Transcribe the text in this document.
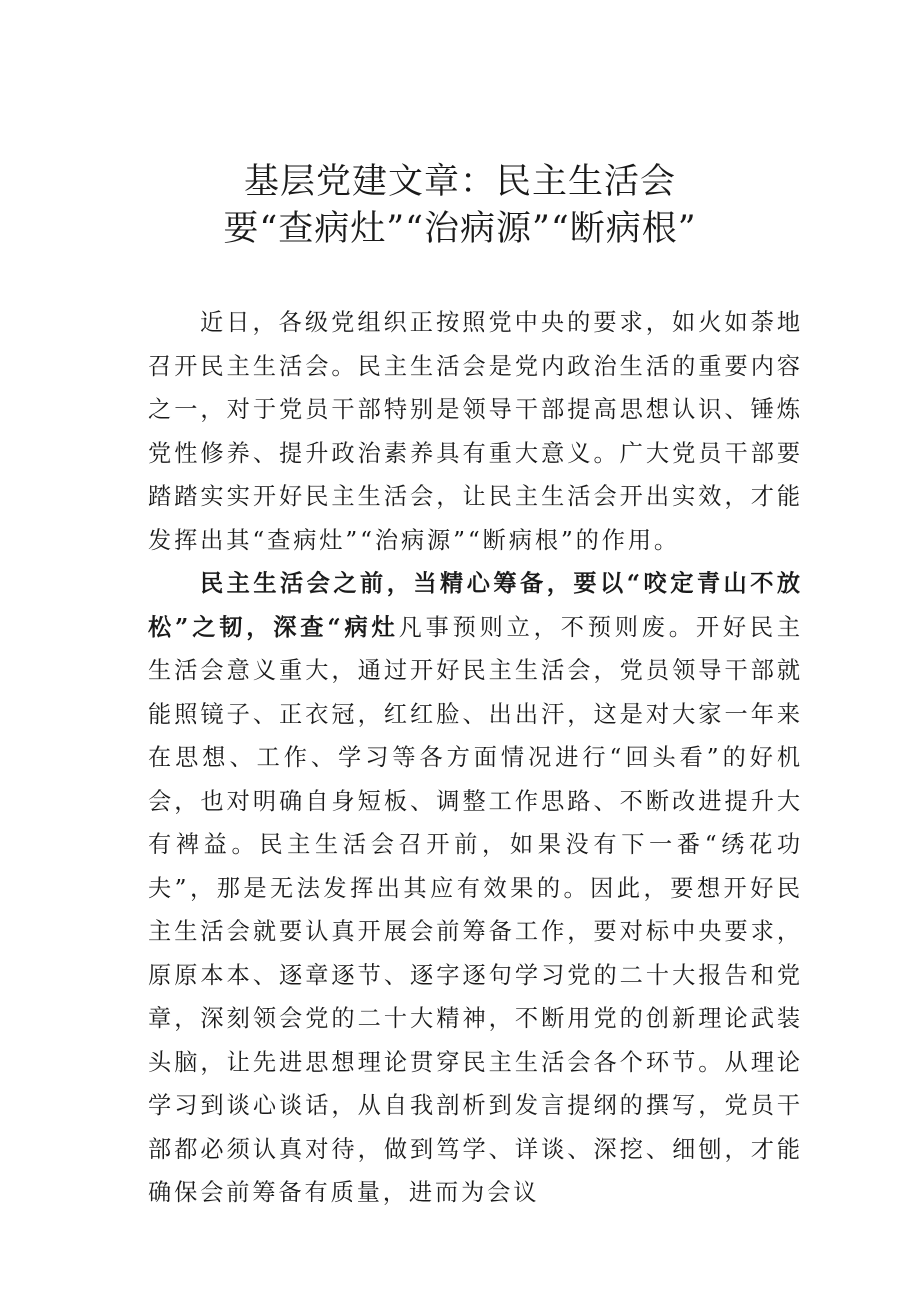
基层党建文章：民主生活会
要“查病灶”“治病源”“断病根”

近日，各级党组织正按照党中央的要求，如火如荼地召开民主生活会。民主生活会是党内政治生活的重要内容之一，对于党员干部特别是领导干部提高思想认识、锤炼党性修养、提升政治素养具有重大意义。广大党员干部要踏踏实实开好民主生活会，让民主生活会开出实效，才能发挥出其“查病灶”“治病源”“断病根”的作用。

民主生活会之前，当精心筹备，要以“咬定青山不放松”之韧，深查“病灶凡事预则立，不预则废。开好民主生活会意义重大，通过开好民主生活会，党员领导干部就能照镜子、正衣冠，红红脸、出出汗，这是对大家一年来在思想、工作、学习等各方面情况进行“回头看”的好机会，也对明确自身短板、调整工作思路、不断改进提升大有裨益。民主生活会召开前，如果没有下一番“绣花功夫”，那是无法发挥出其应有效果的。因此，要想开好民主生活会就要认真开展会前筹备工作，要对标中央要求，原原本本、逐章逐节、逐字逐句学习党的二十大报告和党章，深刻领会党的二十大精神，不断用党的创新理论武装头脑，让先进思想理论贯穿民主生活会各个环节。从理论学习到谈心谈话，从自我剖析到发言提纲的撰写，党员干部都必须认真对待，做到笃学、详谈、深挖、细刨，才能确保会前筹备有质量，进而为会议
